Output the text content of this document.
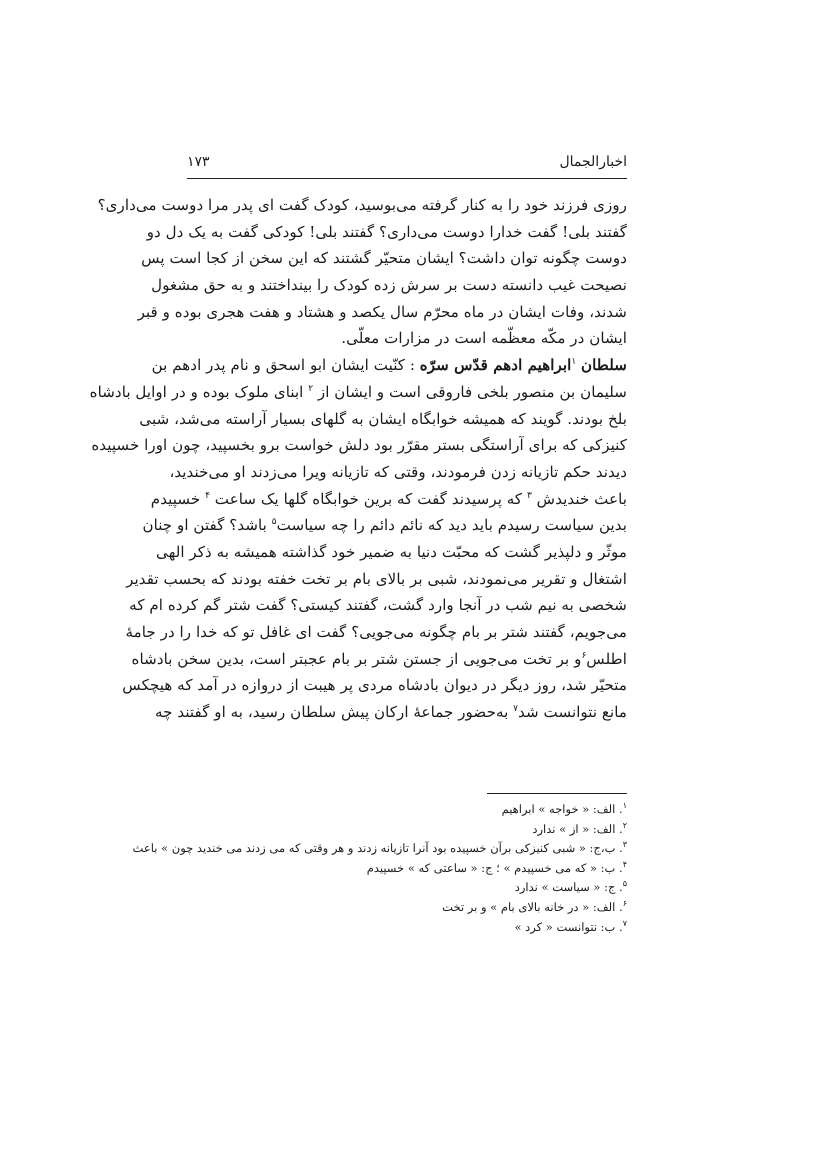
اخبارالجمال
۱۷۳
روزی فرزند خود را به کنار گرفته می‌بوسید، کودک گفت ای پدر مرا دوست می‌داری؟
گفتند بلی! گفت خدارا دوست می‌داری؟ گفتند بلی! کودکی گفت به یک دل دو
دوست چگونه توان داشت؟ ایشان متحیّر گشتند که این سخن از کجا است پس
نصیحت غیب دانسته دست بر سرش زده کودک را بینداختند و به حق مشغول
شدند، وفات ایشان در ماه محرّم سال یکصد و هشتاد و هفت هجری بوده و قبر
ایشان در مکّه معظّمه است در مزارات معلّی.
سلطان $^۱$ابراهیم ادهم قدّس سرّه : کنّیت ایشان ابو اسحق و نام پدر ادهم بن
سلیمان بن منصور بلخی فاروقی است و ایشان از $^۲$ ابنای ملوک بوده و در اوایل بادشاه
بلخ بودند. گویند که همیشه خوابگاه ایشان به گلهای بسیار آراسته می‌شد، شبی
کنیزکی که برای آراستگی بستر مقرّر بود دلش خواست برو بخسپید، چون اورا خسپیده
دیدند حکم تازیانه زدن فرمودند، وقتی که تازیانه ویرا می‌زدند او می‌خندید،
باعث خندیدش $^۳$ که پرسیدند گفت که برین خوابگاه گلها یک ساعت $^۴$ خسپیدم
بدین سیاست رسیدم باید دید که نائم دائم را چه سیاست$^۵$ باشد؟ گفتن او چنان
موثّر و دلپذیر گشت که محبّت دنیا به ضمیر خود گذاشته همیشه به ذکر الهی
اشتغال و تقریر می‌نمودند، شبی بر بالای بام بر تخت خفته بودند که بحسب تقدیر
شخصی به نیم شب در آنجا وارد گشت، گفتند کیستی؟ گفت شتر گم کرده ام که
می‌جویم، گفتند شتر بر بام چگونه می‌جویی؟ گفت ای غافل تو که خدا را در جامهٔ
اطلس$^۶$و بر تخت می‌جویی از جستن شتر بر بام عجبتر است، بدین سخن بادشاه
متحیّر شد، روز دیگر در دیوان بادشاه مردی پر هیبت از دروازه در آمد که هیچکس
مانع نتوانست شد$^۷$ به‌حضور جماعهٔ ارکان پیش سلطان رسید، به او گفتند چه
$^۱$. الف: « خواجه » ابراهیم
$^۲$. الف: « از » ندارد
$^۳$. ب،ج: « شبی کنیزکی برآن خسپیده بود آنرا تازیانه زدند و هر وقتی که می زدند می خندید چون » باعث
$^۴$. ب: « که می خسپیدم » ؛ ج: « ساعتی که » خسپیدم
$^۵$. ج: « سیاست » ندارد
$^۶$. الف: « در خانه بالای بام » و بر تخت
$^۷$. ب: نتوانست « کرد »
